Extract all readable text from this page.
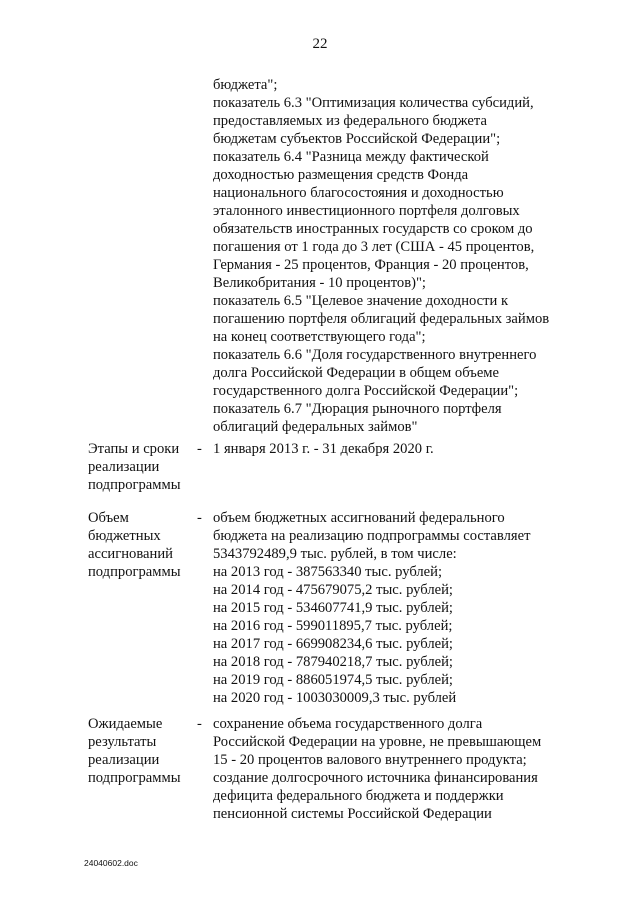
22
бюджета";
показатель 6.3 "Оптимизация количества субсидий,
предоставляемых из федерального бюджета
бюджетам субъектов Российской Федерации";
показатель 6.4 "Разница между фактической
доходностью размещения средств Фонда
национального благосостояния и доходностью
эталонного инвестиционного портфеля долговых
обязательств иностранных государств со сроком до
погашения от 1 года до 3 лет (США - 45 процентов,
Германия - 25 процентов, Франция - 20 процентов,
Великобритания - 10 процентов)";
показатель 6.5 "Целевое значение доходности к
погашению портфеля облигаций федеральных займов
на конец соответствующего года";
показатель 6.6 "Доля государственного внутреннего
долга Российской Федерации в общем объеме
государственного долга Российской Федерации";
показатель 6.7 "Дюрация рыночного портфеля
облигаций федеральных займов"
Этапы и сроки
реализации
подпрограммы
- 1 января 2013 г. - 31 декабря 2020 г.
Объем
бюджетных
ассигнований
подпрограммы
- объем бюджетных ассигнований федерального
бюджета на реализацию подпрограммы составляет
5343792489,9 тыс. рублей, в том числе:
на 2013 год - 387563340 тыс. рублей;
на 2014 год - 475679075,2 тыс. рублей;
на 2015 год - 534607741,9 тыс. рублей;
на 2016 год - 599011895,7 тыс. рублей;
на 2017 год - 669908234,6 тыс. рублей;
на 2018 год - 787940218,7 тыс. рублей;
на 2019 год - 886051974,5 тыс. рублей;
на 2020 год - 1003030009,3 тыс. рублей
Ожидаемые
результаты
реализации
подпрограммы
- сохранение объема государственного долга
Российской Федерации на уровне, не превышающем
15 - 20 процентов валового внутреннего продукта;
создание долгосрочного источника финансирования
дефицита федерального бюджета и поддержки
пенсионной системы Российской Федерации
24040602.doc
